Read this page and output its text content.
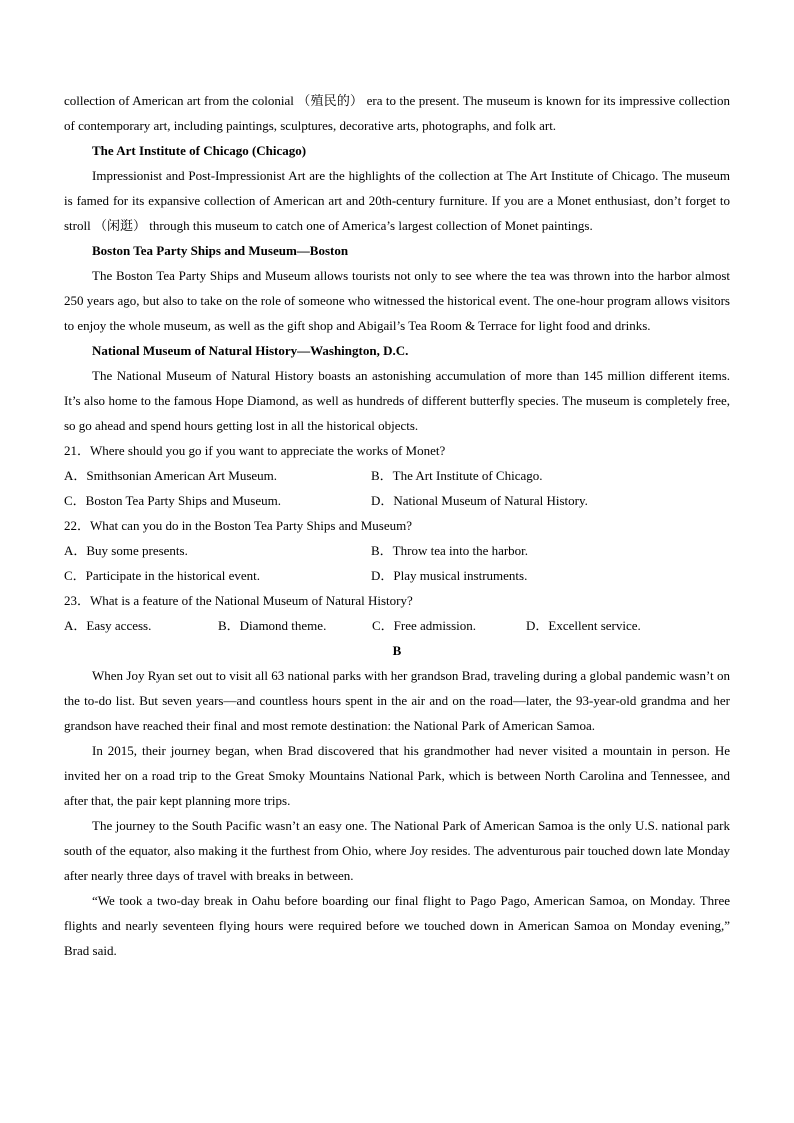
collection of American art from the colonial （殖民的） era to the present. The museum is known for its impressive collection of contemporary art, including paintings, sculptures, decorative arts, photographs, and folk art.

The Art Institute of Chicago (Chicago)

Impressionist and Post-Impressionist Art are the highlights of the collection at The Art Institute of Chicago. The museum is famed for its expansive collection of American art and 20th-century furniture. If you are a Monet enthusiast, don’t forget to stroll （闲逛） through this museum to catch one of America’s largest collection of Monet paintings.

Boston Tea Party Ships and Museum—Boston

The Boston Tea Party Ships and Museum allows tourists not only to see where the tea was thrown into the harbor almost 250 years ago, but also to take on the role of someone who witnessed the historical event. The one-hour program allows visitors to enjoy the whole museum, as well as the gift shop and Abigail’s Tea Room & Terrace for light food and drinks.

National Museum of Natural History—Washington, D.C.

The National Museum of Natural History boasts an astonishing accumulation of more than 145 million different items. It’s also home to the famous Hope Diamond, as well as hundreds of different butterfly species. The museum is completely free, so go ahead and spend hours getting lost in all the historical objects.

21．Where should you go if you want to appreciate the works of Monet?

A．Smithsonian American Art Museum.	B．The Art Institute of Chicago.
C．Boston Tea Party Ships and Museum.	D．National Museum of Natural History.

22．What can you do in the Boston Tea Party Ships and Museum?

A．Buy some presents.	B．Throw tea into the harbor.
C．Participate in the historical event.	D．Play musical instruments.

23．What is a feature of the National Museum of Natural History?

A．Easy access.	B．Diamond theme.	C．Free admission.	D．Excellent service.

B

When Joy Ryan set out to visit all 63 national parks with her grandson Brad, traveling during a global pandemic wasn’t on the to-do list. But seven years—and countless hours spent in the air and on the road—later, the 93-year-old grandma and her grandson have reached their final and most remote destination: the National Park of American Samoa.

In 2015, their journey began, when Brad discovered that his grandmother had never visited a mountain in person. He invited her on a road trip to the Great Smoky Mountains National Park, which is between North Carolina and Tennessee, and after that, the pair kept planning more trips.

The journey to the South Pacific wasn’t an easy one. The National Park of American Samoa is the only U.S. national park south of the equator, also making it the furthest from Ohio, where Joy resides. The adventurous pair touched down late Monday after nearly three days of travel with breaks in between.

“We took a two-day break in Oahu before boarding our final flight to Pago Pago, American Samoa, on Monday. Three flights and nearly seventeen flying hours were required before we touched down in American Samoa on Monday evening,” Brad said.
